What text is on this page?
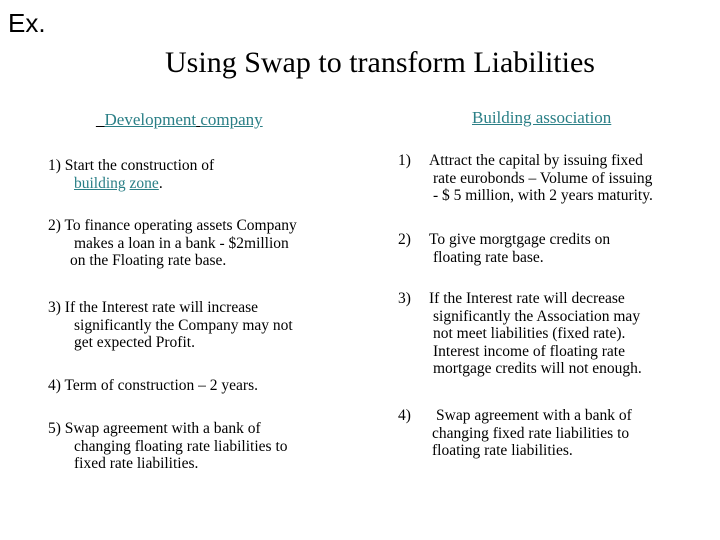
Ex.
Using Swap to transform Liabilities
_Development company	Building association

1) Start the construction of

building zone.

2) To finance operating assets Company

makes a loan in a bank - $2million

on the Floating rate base.

3) If the Interest rate will increase

significantly the Company may not

get expected Profit.

4) Term of construction – 2 years.

5) Swap agreement with a bank of

changing floating rate liabilities to

fixed rate liabilities.

1) Attract the capital by issuing fixed

rate eurobonds – Volume of issuing

- $ 5 million, with 2 years maturity.

2) To give morgtgage credits on

floating rate base.

3) If the Interest rate will decrease

significantly the Association may

not meet liabilities (fixed rate).

Interest income of floating rate

mortgage credits will not enough.

4) Swap agreement with a bank of

changing fixed rate liabilities to

floating rate liabilities.
